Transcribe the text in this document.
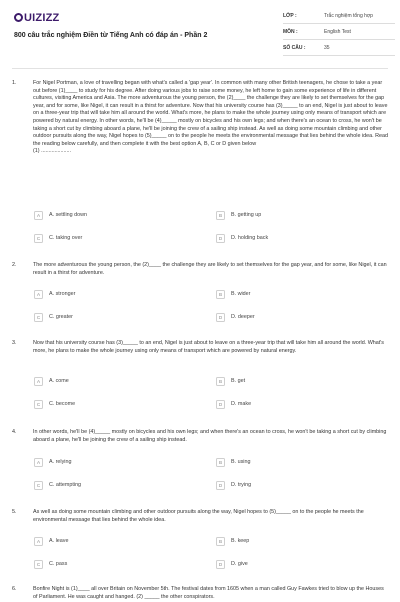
UIZIZZ
800 câu trắc nghiệm Điền từ Tiếng Anh có đáp án - Phần 2
LỚP :	Trắc nghiệm tổng hợp
MÔN :	English Test
SỐ CÂU :	35
1.	For Nigel Portman, a love of travelling began with what's called a 'gap year'. In common with many other British teenagers, he chose to take a year out before (1)____ to study for his degree. After doing various jobs to raise some money, he left home to gain some experience of life in different cultures, visiting America and Asia. The more adventurous the young person, the (2)____ the challenge they are likely to set themselves for the gap year, and for some, like Nigel, it can result in a thirst for adventure. Now that his university course has (3)_____ to an end, Nigel is just about to leave on a three-year trip that will take him all around the world. What's more, he plans to make the whole journey using only means of transport which are powered by natural energy. In other words, he'll be (4)_____ mostly on bicycles and his own legs; and when there's an ocean to cross, he won't be taking a short cut by climbing aboard a plane, he'll be joining the crew of a sailing ship instead. As well as doing some mountain climbing and other outdoor pursuits along the way, Nigel hopes to (5)_____ on to the people he meets the environmental message that lies behind the whole idea. Read the reading below carefully, and then complete it with the best option A, B, C or D given below
(1) ....................
A	A. settling down	B	B. getting up
C	C. taking over	D	D. holding back
2.	The more adventurous the young person, the (2)____ the challenge they are likely to set themselves for the gap year, and for some, like Nigel, it can result in a thirst for adventure.
A	A. stronger	B	B. wider
C	C. greater	D	D. deeper
3.	Now that his university course has (3)_____ to an end, Nigel is just about to leave on a three-year trip that will take him all around the world. What's more, he plans to make the whole journey using only means of transport which are powered by natural energy.
A	A. come	B	B. get
C	C. become	D	D. make
4.	In other words, he'll be (4)_____ mostly on bicycles and his own legs; and when there's an ocean to cross, he won't be taking a short cut by climbing aboard a plane, he'll be joining the crew of a sailing ship instead.
A	A. relying	B	B. using
C	C. attempting	D	D. trying
5.	As well as doing some mountain climbing and other outdoor pursuits along the way, Nigel hopes to (5)_____ on to the people he meets the environmental message that lies behind the whole idea.
A	A. leave	B	B. keep
C	C. pass	D	D. give
6.	Bonfire Night is (1)____ all over Britain on November 5th. The festival dates from 1605 when a man called Guy Fawkes tried to blow up the Houses of Parliament. He was caught and hanged. (2) _____ the other conspirators.
